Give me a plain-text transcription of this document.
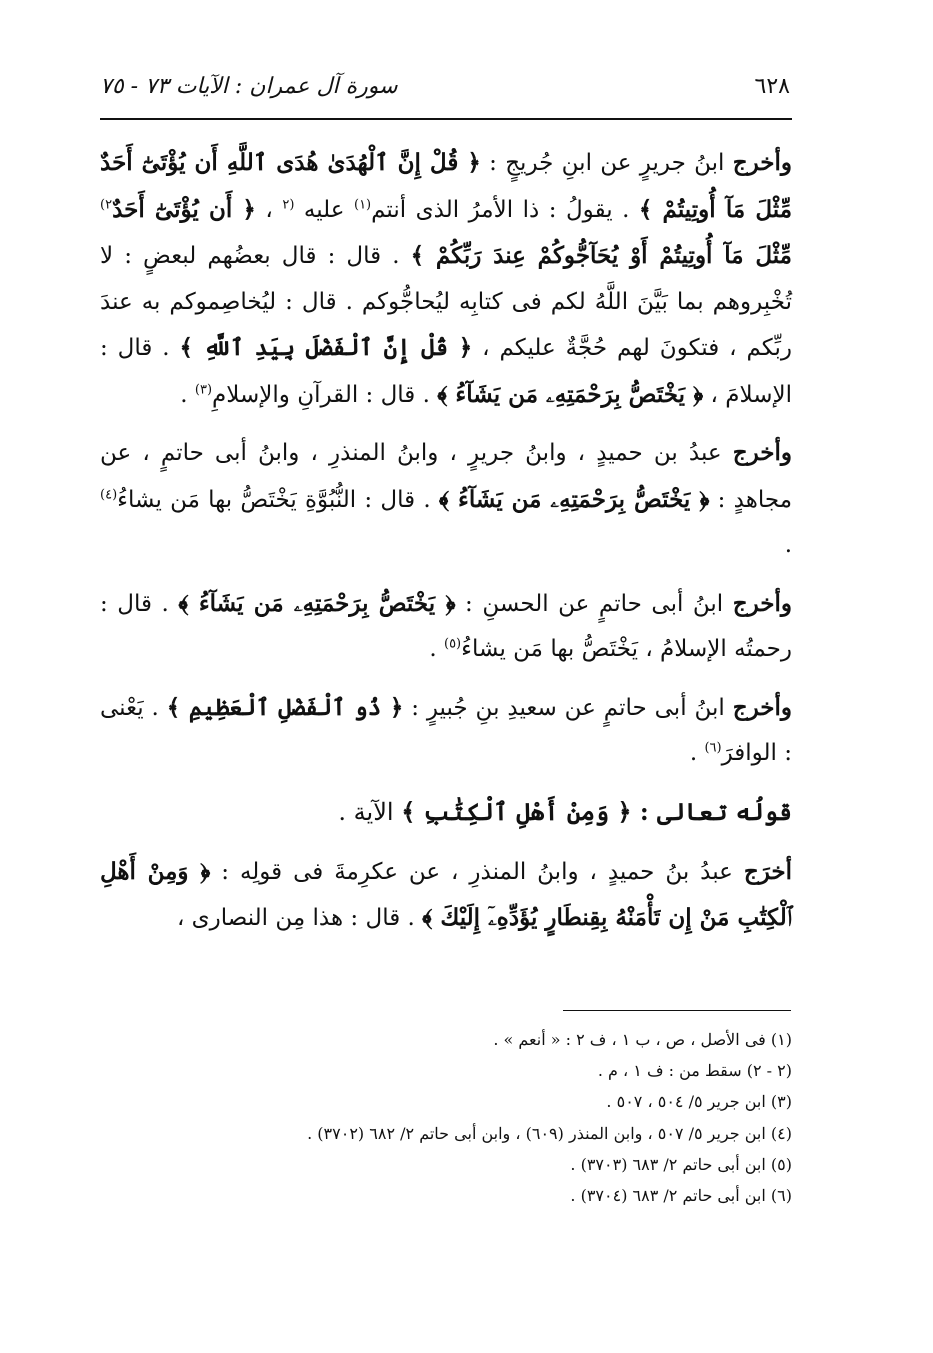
٦٢٨
سورة آل عمران : الآيات ٧٣ - ٧٥

وأخرج ابنُ جريرٍ عن ابنِ جُريجٍ : ﴿ قُلْ إِنَّ ٱلْهُدَىٰ هُدَى ٱللَّهِ أَن يُؤْتَىٰٓ أَحَدٌ مِّثْلَ مَآ أُوتِيتُمْ ﴾ . يقولُ : ذا الأمرُ الذى أنتم$^{(١)}$ عليه $^{(٢}$ ، ﴿ أَن يُؤْتَىٰٓ أَحَدٌ$^{٢)}$ مِّثْلَ مَآ أُوتِيتُمْ أَوْ يُحَآجُّوكُمْ عِندَ رَبِّكُمْ ﴾ . قال : قال بعضُهم لبعضٍ : لا تُخْبِروهم بما بَيَّنَ اللَّهُ لكم فى كتابِه ليُحاجُّوكم . قال : ليُخاصِموكم به عندَ ربِّكم ، فتكونَ لهم حُجَّةٌ عليكم ، ﴿ قُلْ إِنَّ ٱلْفَضْلَ بِيَدِ ٱللَّهِ ﴾ . قال : الإسلامَ ، ﴿ يَخْتَصُّ بِرَحْمَتِهِۦ مَن يَشَآءُ ﴾ . قال : القرآنِ والإسلامِ$^{(٣)}$ .

وأخرج عبدُ بن حميدٍ ، وابنُ جريرٍ ، وابنُ المنذرِ ، وابنُ أبى حاتمٍ ، عن مجاهدٍ : ﴿ يَخْتَصُّ بِرَحْمَتِهِۦ مَن يَشَآءُ ﴾ . قال : النُّبُوَّةِ يَخْتَصُّ بها مَن يشاءُ$^{(٤)}$ .

وأخرج ابنُ أبى حاتمٍ عن الحسنِ : ﴿ يَخْتَصُّ بِرَحْمَتِهِۦ مَن يَشَآءُ ﴾ . قال : رحمتُه الإسلامُ ، يَخْتَصُّ بها مَن يشاءُ$^{(٥)}$ .

وأخرج ابنُ أبى حاتمٍ عن سعيدِ بنِ جُبيرٍ : ﴿ ذُو ٱلْفَضْلِ ٱلْعَظِيمِ ﴾ . يَعْنى : الوافرَ$^{(٦)}$ .

قولُه تعالى : ﴿ وَمِنْ أَهْلِ ٱلْكِتَٰبِ ﴾ الآية .

أخرَج عبدُ بنُ حميدٍ ، وابنُ المنذرِ ، عن عكرِمةَ فى قولِه : ﴿ وَمِنْ أَهْلِ ٱلْكِتَٰبِ مَنْ إِن تَأْمَنْهُ بِقِنطَارٍ يُؤَدِّهِۦٓ إِلَيْكَ ﴾ . قال : هذا مِن النصارى ،

(١) فى الأصل ، ص ، ب ١ ، ف ٢ : « أنعم » .
(٢ - ٢) سقط من : ف ١ ، م .
(٣) ابن جرير ٥/ ٥٠٤ ، ٥٠٧ .
(٤) ابن جرير ٥/ ٥٠٧ ، وابن المنذر (٦٠٩) ، وابن أبى حاتم ٢/ ٦٨٢ (٣٧٠٢) .
(٥) ابن أبى حاتم ٢/ ٦٨٣ (٣٧٠٣) .
(٦) ابن أبى حاتم ٢/ ٦٨٣ (٣٧٠٤) .
